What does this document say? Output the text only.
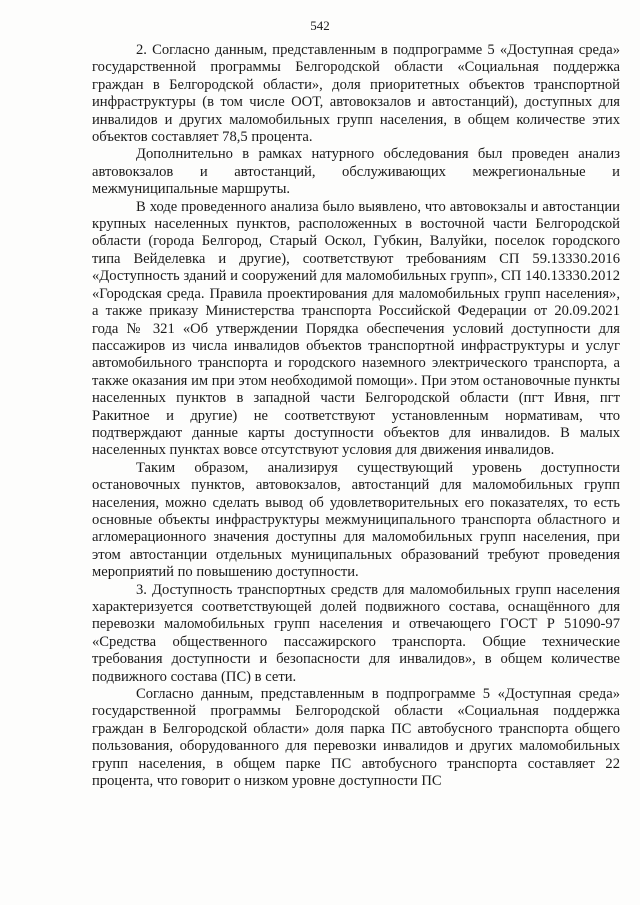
542

2. Согласно данным, представленным в подпрограмме 5 «Доступная среда» государственной программы Белгородской области «Социальная поддержка граждан в Белгородской области», доля приоритетных объектов транспортной инфраструктуры (в том числе ООТ, автовокзалов и автостанций), доступных для инвалидов и других маломобильных групп населения, в общем количестве этих объектов составляет 78,5 процента.

Дополнительно в рамках натурного обследования был проведен анализ автовокзалов и автостанций, обслуживающих межрегиональные и межмуниципальные маршруты.

В ходе проведенного анализа было выявлено, что автовокзалы и автостанции крупных населенных пунктов, расположенных в восточной части Белгородской области (города Белгород, Старый Оскол, Губкин, Валуйки, поселок городского типа Вейделевка и другие), соответствуют требованиям СП 59.13330.2016 «Доступность зданий и сооружений для маломобильных групп», СП 140.13330.2012 «Городская среда. Правила проектирования для маломобильных групп населения», а также приказу Министерства транспорта Российской Федерации от 20.09.2021 года № 321 «Об утверждении Порядка обеспечения условий доступности для пассажиров из числа инвалидов объектов транспортной инфраструктуры и услуг автомобильного транспорта и городского наземного электрического транспорта, а также оказания им при этом необходимой помощи». При этом остановочные пункты населенных пунктов в западной части Белгородской области (пгт Ивня, пгт Ракитное и другие) не соответствуют установленным нормативам, что подтверждают данные карты доступности объектов для инвалидов. В малых населенных пунктах вовсе отсутствуют условия для движения инвалидов.

Таким образом, анализируя существующий уровень доступности остановочных пунктов, автовокзалов, автостанций для маломобильных групп населения, можно сделать вывод об удовлетворительных его показателях, то есть основные объекты инфраструктуры межмуниципального транспорта областного и агломерационного значения доступны для маломобильных групп населения, при этом автостанции отдельных муниципальных образований требуют проведения мероприятий по повышению доступности.

3. Доступность транспортных средств для маломобильных групп населения характеризуется соответствующей долей подвижного состава, оснащённого для перевозки маломобильных групп населения и отвечающего ГОСТ Р 51090-97 «Средства общественного пассажирского транспорта. Общие технические требования доступности и безопасности для инвалидов», в общем количестве подвижного состава (ПС) в сети.

Согласно данным, представленным в подпрограмме 5 «Доступная среда» государственной программы Белгородской области «Социальная поддержка граждан в Белгородской области» доля парка ПС автобусного транспорта общего пользования, оборудованного для перевозки инвалидов и других маломобильных групп населения, в общем парке ПС автобусного транспорта составляет 22 процента, что говорит о низком уровне доступности ПС
